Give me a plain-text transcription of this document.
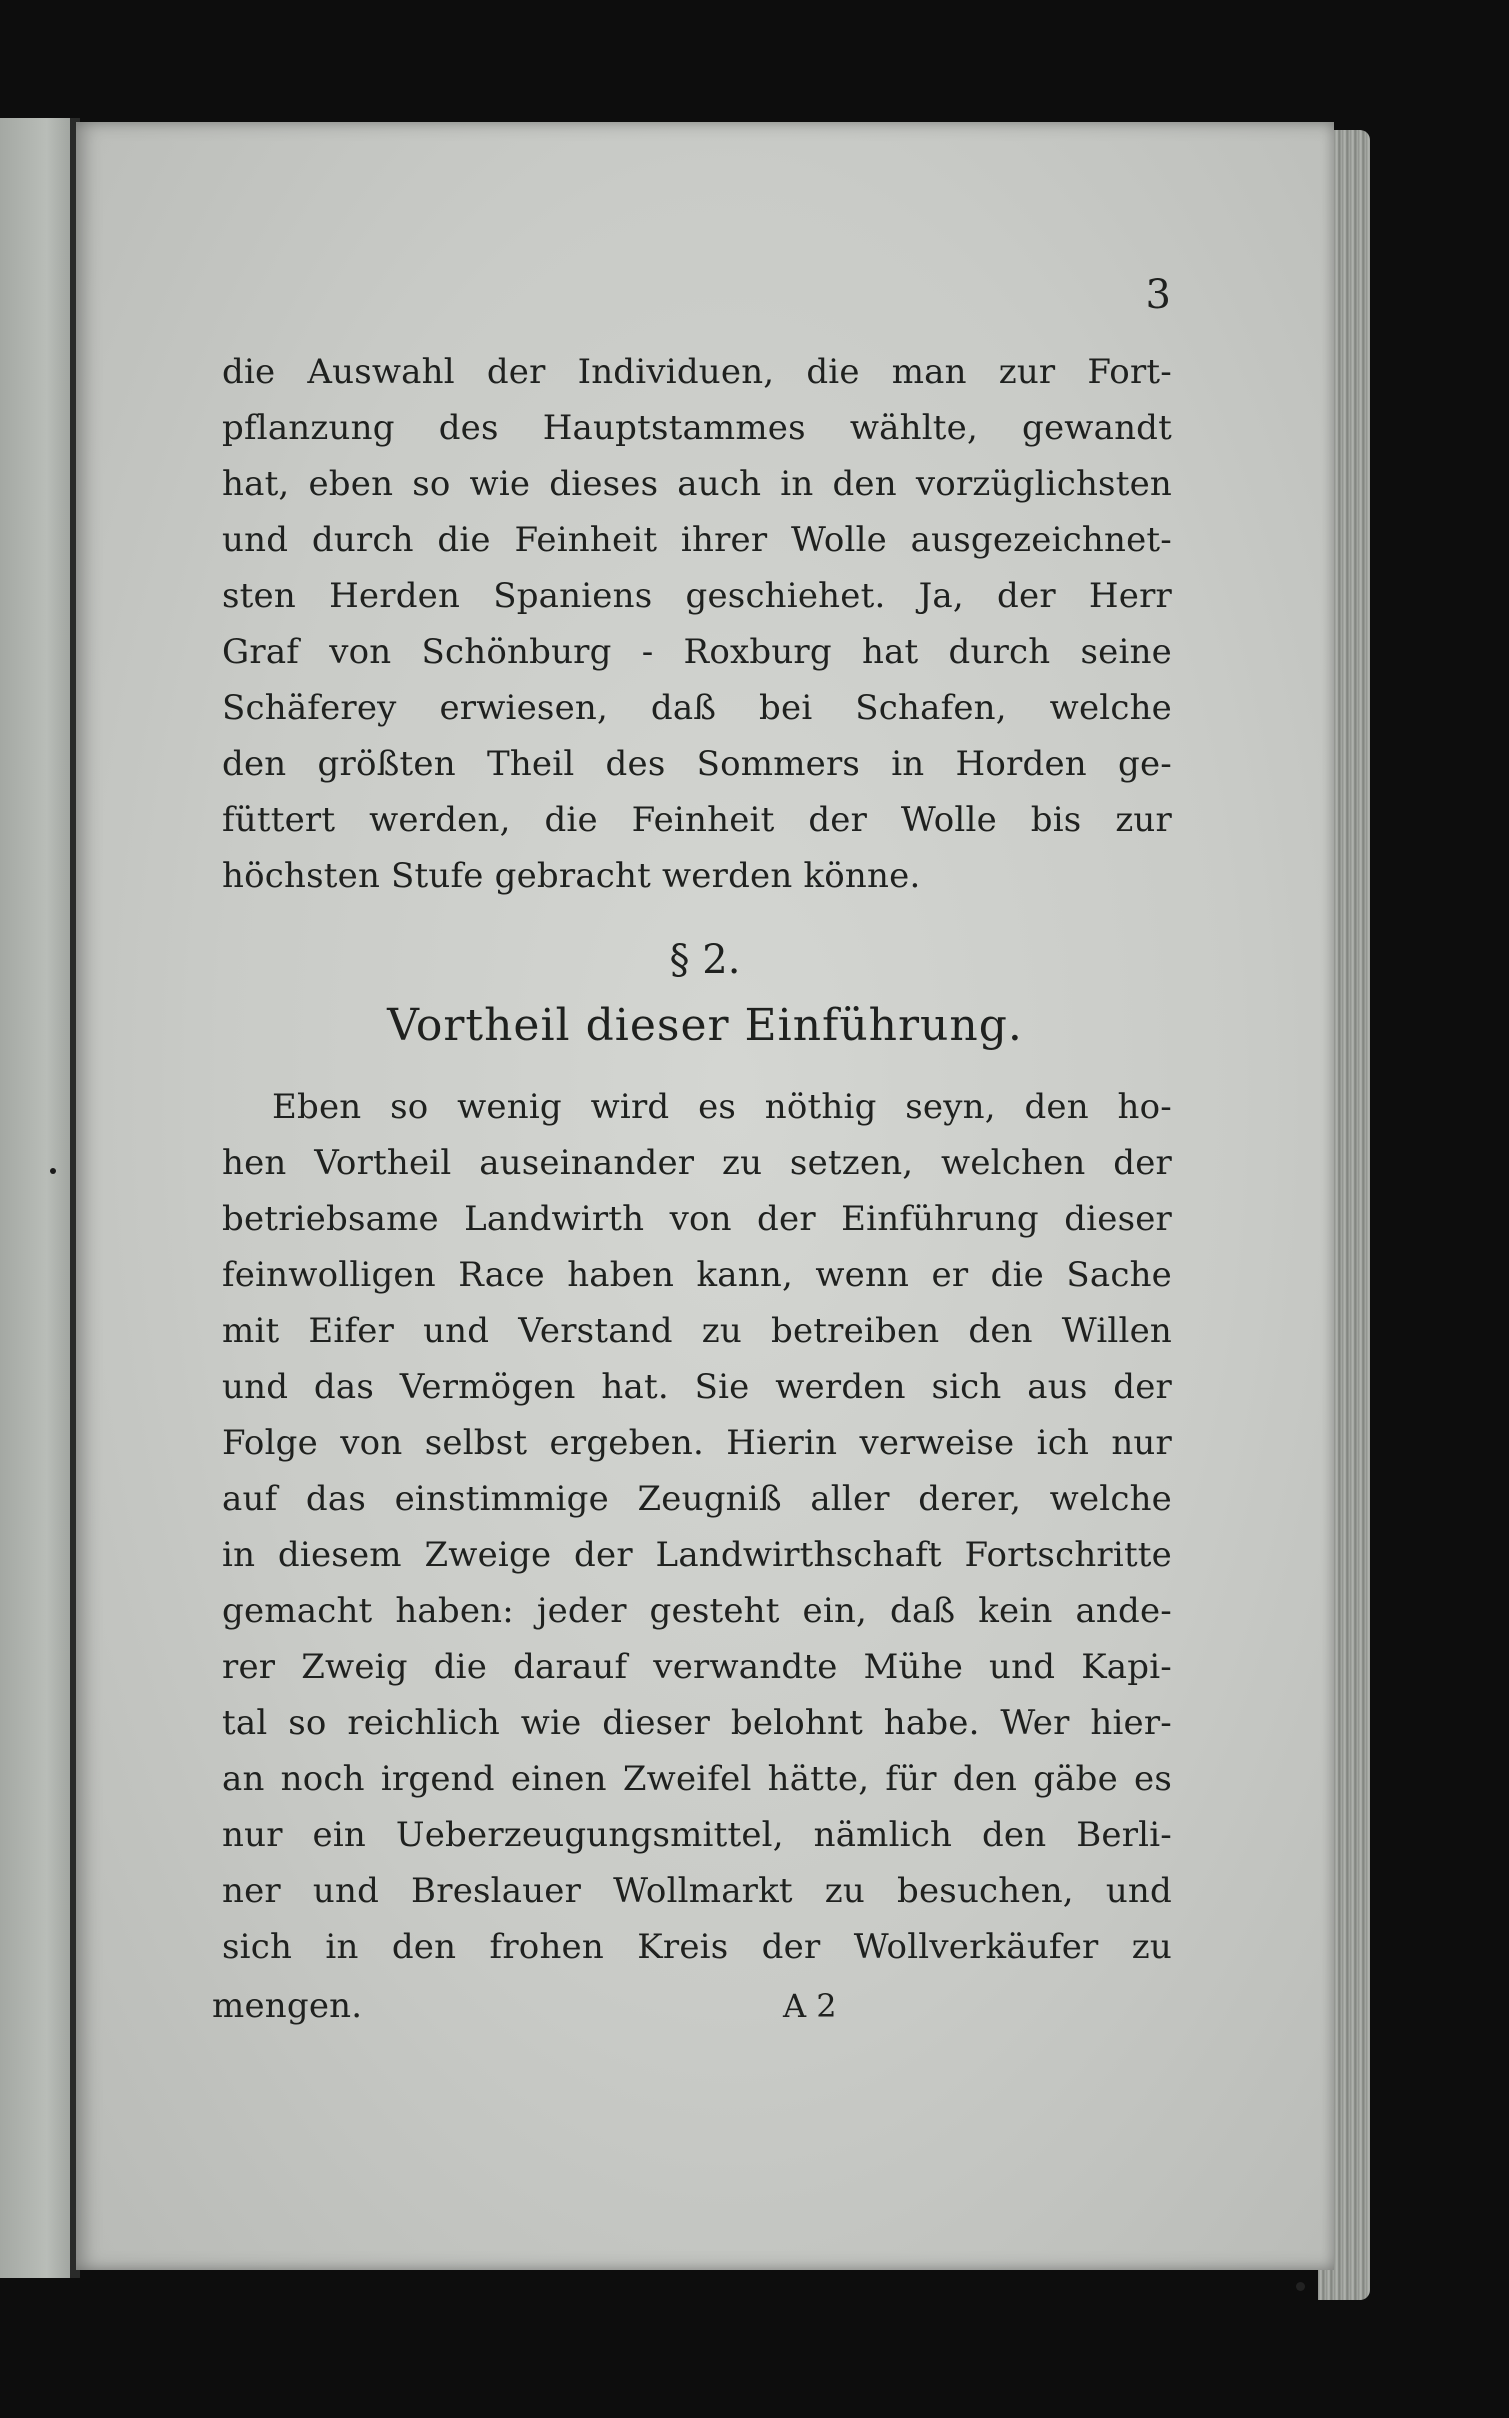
3
die Auswahl der Individuen, die man zur Fort-
pflanzung des Hauptstammes wählte, gewandt
hat, eben so wie dieses auch in den vorzüglichsten
und durch die Feinheit ihrer Wolle ausgezeichnet-
sten Herden Spaniens geschiehet. Ja, der Herr
Graf von Schönburg - Roxburg hat durch seine
Schäferey erwiesen, daß bei Schafen, welche
den größten Theil des Sommers in Horden ge-
füttert werden, die Feinheit der Wolle bis zur
höchsten Stufe gebracht werden könne.
§ 2.
Vortheil dieser Einführung.
Eben so wenig wird es nöthig seyn, den ho-
hen Vortheil auseinander zu setzen, welchen der
betriebsame Landwirth von der Einführung dieser
feinwolligen Race haben kann, wenn er die Sache
mit Eifer und Verstand zu betreiben den Willen
und das Vermögen hat. Sie werden sich aus der
Folge von selbst ergeben. Hierin verweise ich nur
auf das einstimmige Zeugniß aller derer, welche
in diesem Zweige der Landwirthschaft Fortschritte
gemacht haben: jeder gesteht ein, daß kein ande-
rer Zweig die darauf verwandte Mühe und Kapi-
tal so reichlich wie dieser belohnt habe. Wer hier-
an noch irgend einen Zweifel hätte, für den gäbe es
nur ein Ueberzeugungsmittel, nämlich den Berli-
ner und Breslauer Wollmarkt zu besuchen, und
sich in den frohen Kreis der Wollverkäufer zu
mengen.	A 2
